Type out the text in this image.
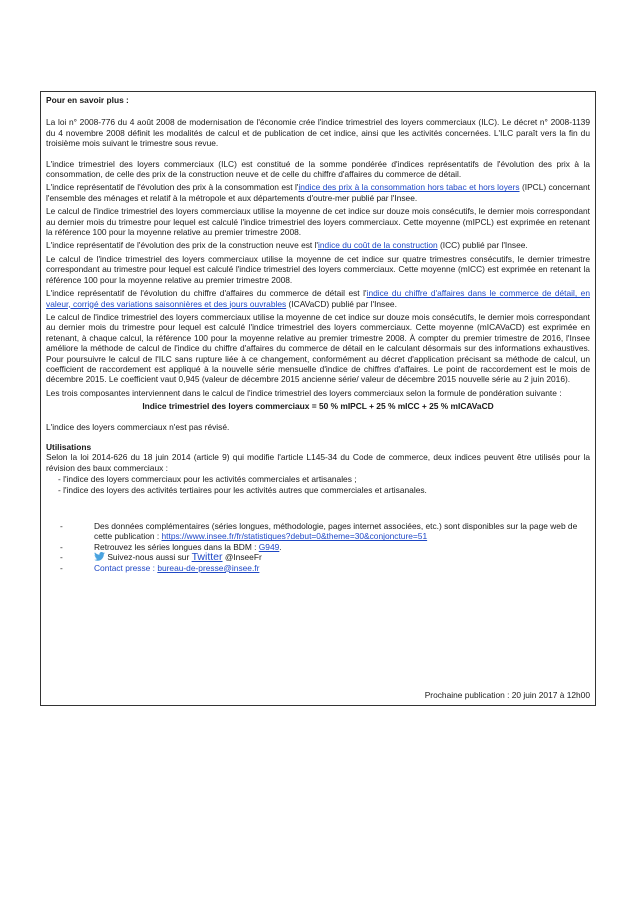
Pour en savoir plus :

La loi n° 2008-776 du 4 août 2008 de modernisation de l'économie crée l'indice trimestriel des loyers commerciaux (ILC). Le décret n° 2008-1139 du 4 novembre 2008 définit les modalités de calcul et de publication de cet indice, ainsi que les activités concernées. L'ILC paraît vers la fin du troisième mois suivant le trimestre sous revue.

L'indice trimestriel des loyers commerciaux (ILC) est constitué de la somme pondérée d'indices représentatifs de l'évolution des prix à la consommation, de celle des prix de la construction neuve et de celle du chiffre d'affaires du commerce de détail.

L'indice représentatif de l'évolution des prix à la consommation est l'indice des prix à la consommation hors tabac et hors loyers (IPCL) concernant l'ensemble des ménages et relatif à la métropole et aux départements d'outre-mer publié par l'Insee.

Le calcul de l'indice trimestriel des loyers commerciaux utilise la moyenne de cet indice sur douze mois consécutifs, le dernier mois correspondant au dernier mois du trimestre pour lequel est calculé l'indice trimestriel des loyers commerciaux. Cette moyenne (mIPCL) est exprimée en retenant la référence 100 pour la moyenne relative au premier trimestre 2008.

L'indice représentatif de l'évolution des prix de la construction neuve est l'indice du coût de la construction (ICC) publié par l'Insee.

Le calcul de l'indice trimestriel des loyers commerciaux utilise la moyenne de cet indice sur quatre trimestres consécutifs, le dernier trimestre correspondant au trimestre pour lequel est calculé l'indice trimestriel des loyers commerciaux. Cette moyenne (mICC) est exprimée en retenant la référence 100 pour la moyenne relative au premier trimestre 2008.

L'indice représentatif de l'évolution du chiffre d'affaires du commerce de détail est l'indice du chiffre d'affaires dans le commerce de détail, en valeur, corrigé des variations saisonnières et des jours ouvrables (ICAVaCD) publié par l'Insee.

Le calcul de l'indice trimestriel des loyers commerciaux utilise la moyenne de cet indice sur douze mois consécutifs, le dernier mois correspondant au dernier mois du trimestre pour lequel est calculé l'indice trimestriel des loyers commerciaux. Cette moyenne (mICAVaCD) est exprimée en retenant, à chaque calcul, la référence 100 pour la moyenne relative au premier trimestre 2008. À compter du premier trimestre de 2016, l'Insee améliore la méthode de calcul de l'indice du chiffre d'affaires du commerce de détail en le calculant désormais sur des informations exhaustives. Pour poursuivre le calcul de l'ILC sans rupture liée à ce changement, conformément au décret d'application précisant sa méthode de calcul, un coefficient de raccordement est appliqué à la nouvelle série mensuelle d'indice de chiffres d'affaires. Le point de raccordement est le mois de décembre 2015. Le coefficient vaut 0,945 (valeur de décembre 2015 ancienne série/ valeur de décembre 2015 nouvelle série au 2 juin 2016).

Les trois composantes interviennent dans le calcul de l'indice trimestriel des loyers commerciaux selon la formule de pondération suivante :

Indice trimestriel des loyers commerciaux = 50 % mIPCL + 25 % mICC + 25 % mICAVaCD

L'indice des loyers commerciaux n'est pas révisé.

Utilisations

Selon la loi 2014-626 du 18 juin 2014 (article 9) qui modifie l'article L145-34 du Code de commerce, deux indices peuvent être utilisés pour la révision des baux commerciaux :

- l'indice des loyers commerciaux pour les activités commerciales et artisanales ;
- l'indice des loyers des activités tertiaires pour les activités autres que commerciales et artisanales.
-	Des données complémentaires (séries longues, méthodologie, pages internet associées, etc.) sont disponibles sur la page web de cette publication : https://www.insee.fr/fr/statistiques?debut=0&theme=30&conjoncture=51
-	Retrouvez les séries longues dans la BDM : G949.
-	Suivez-nous aussi sur Twitter @InseeFr
-	Contact presse : bureau-de-presse@insee.fr
Prochaine publication : 20 juin 2017 à 12h00
